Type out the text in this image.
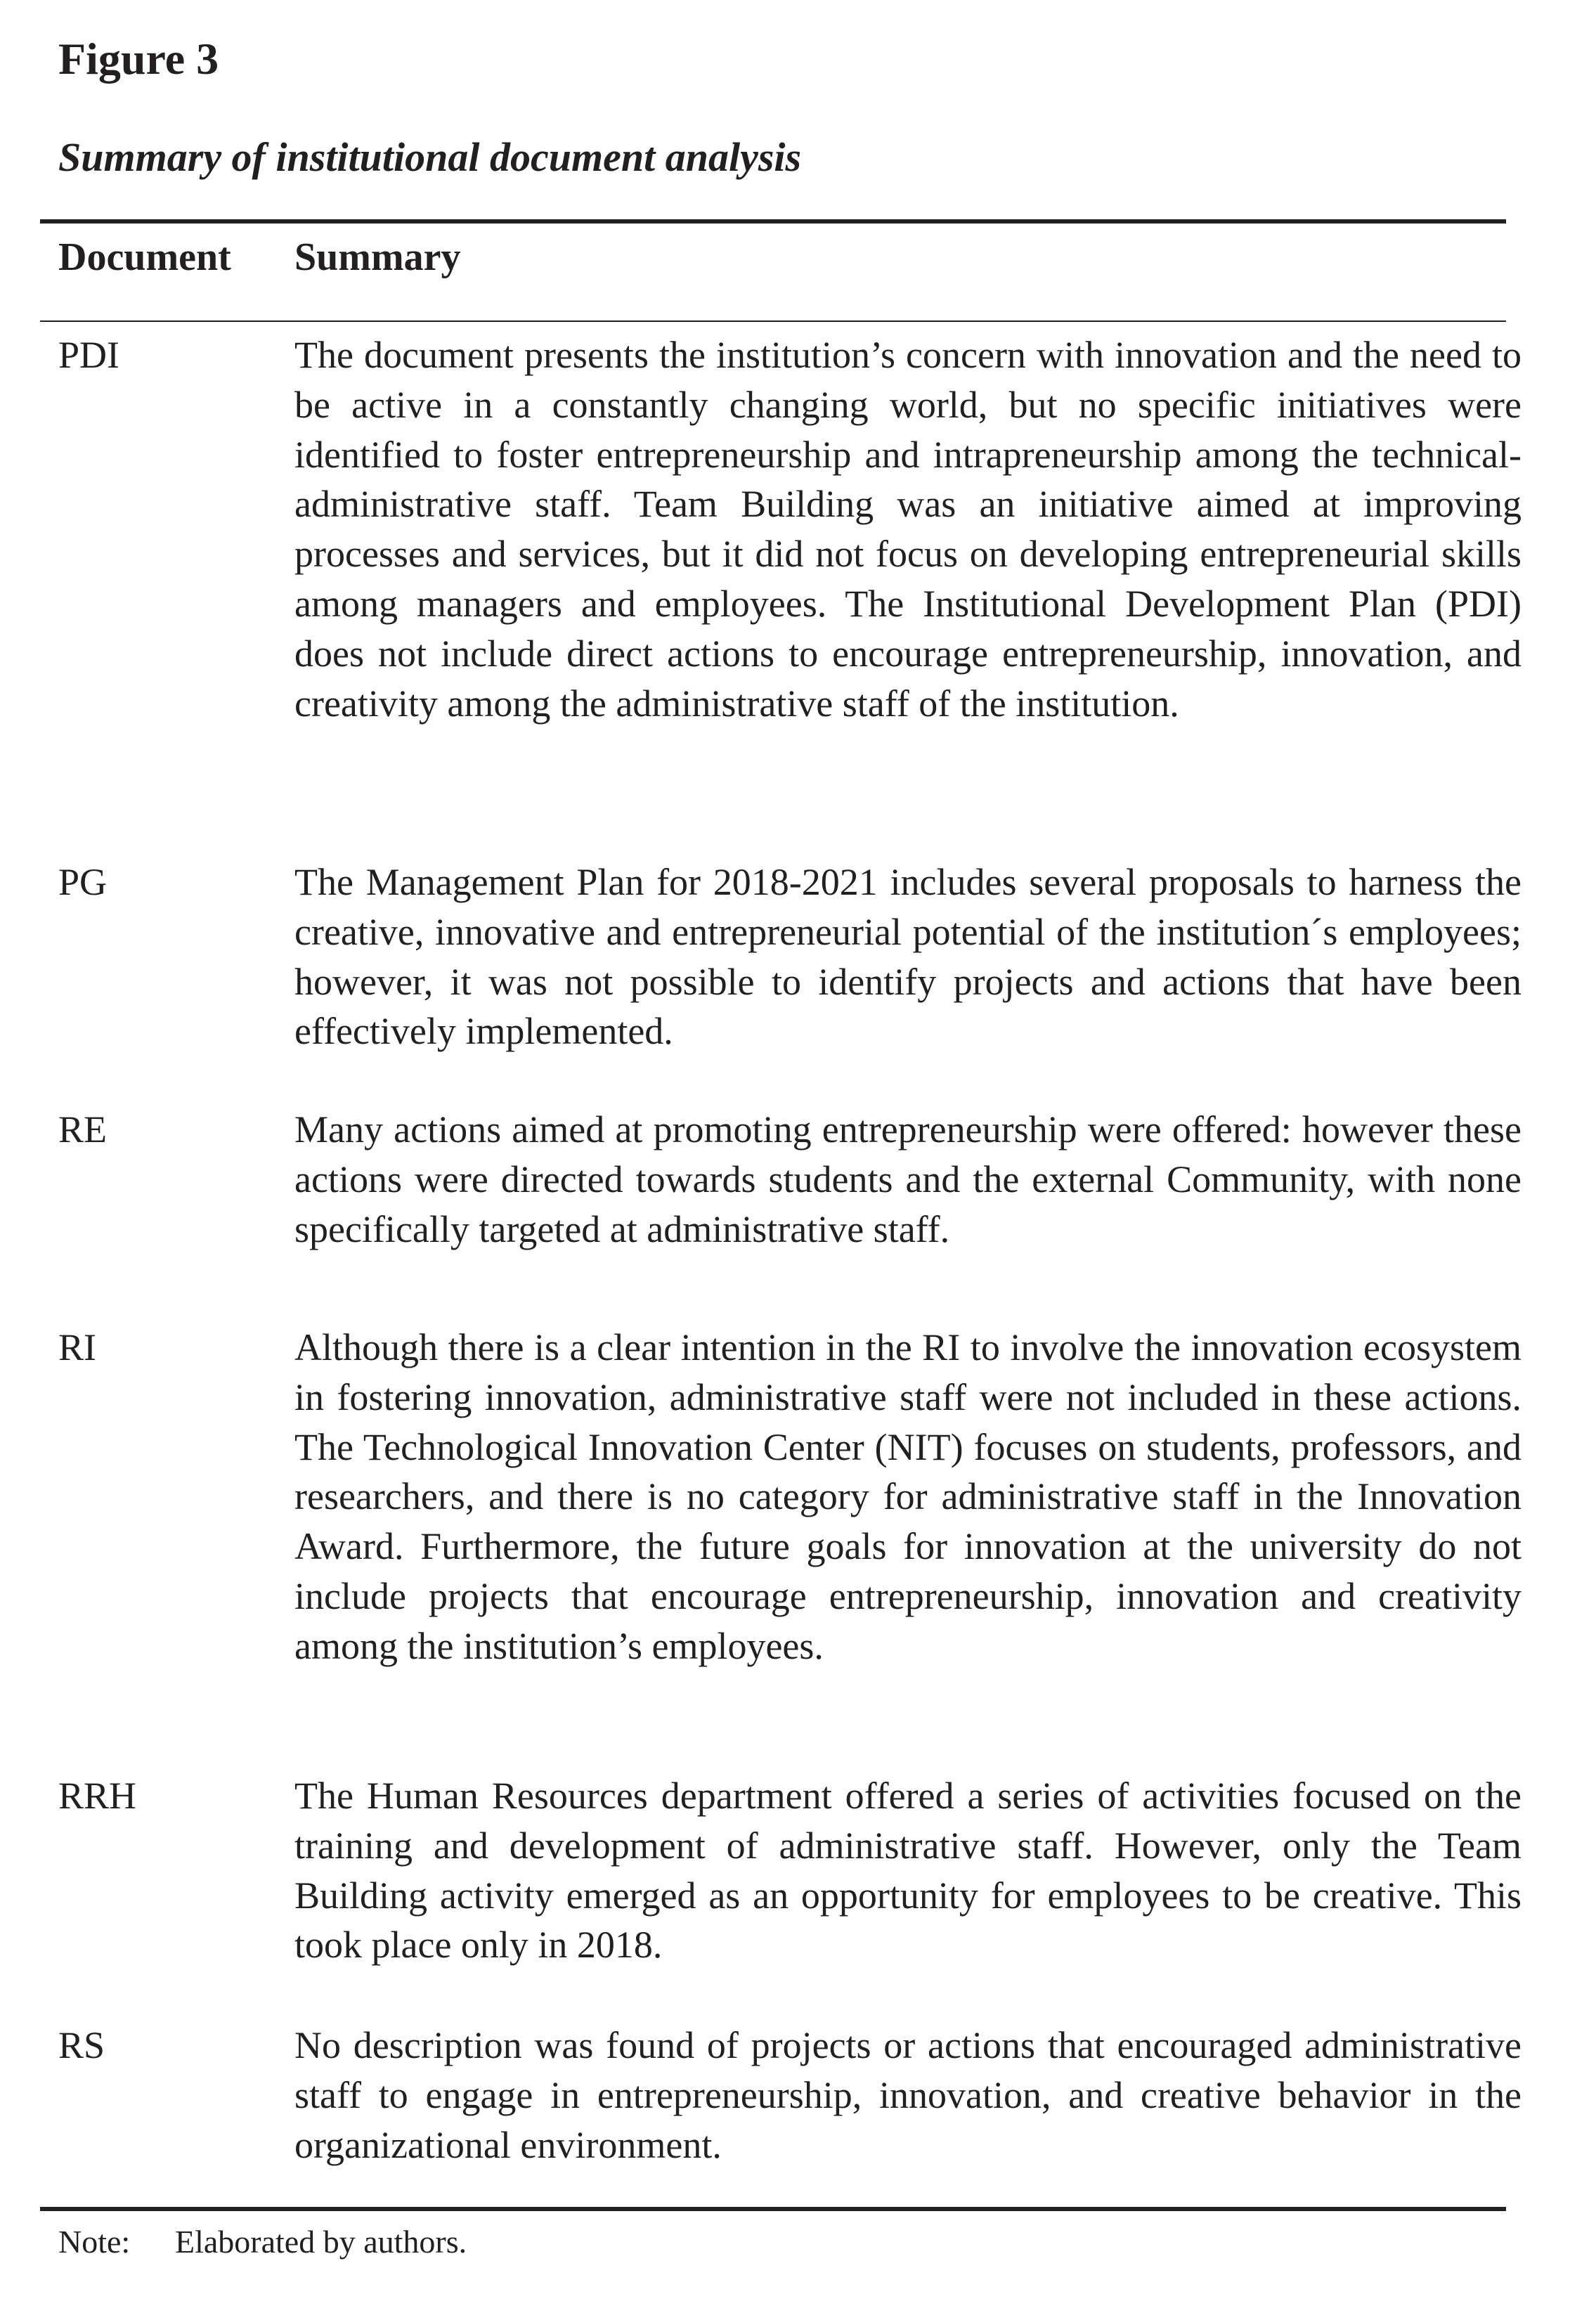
Figure 3
Summary of institutional document analysis
Document Summary
PDI	The document presents the institution’s concern with innovation and the need to be active in a constantly changing world, but no specific initiatives were identified to foster entrepreneurship and intrapreneurship among the technical-administrative staff. Team Building was an initiative aimed at improving processes and services, but it did not focus on developing entrepreneurial skills among managers and employees. The Institutional Development Plan (PDI) does not include direct actions to encourage entrepreneurship, innovation, and creativity among the administrative staff of the institution.

PG	The Management Plan for 2018-2021 includes several proposals to harness the creative, innovative and entrepreneurial potential of the institution´s employees; however, it was not possible to identify projects and actions that have been effectively implemented.

RE	Many actions aimed at promoting entrepreneurship were offered: however these actions were directed towards students and the external Community, with none specifically targeted at administrative staff.

RI	Although there is a clear intention in the RI to involve the innovation ecosystem in fostering innovation, administrative staff were not included in these actions. The Technological Innovation Center (NIT) focuses on students, professors, and researchers, and there is no category for administrative staff in the Innovation Award. Furthermore, the future goals for innovation at the university do not include projects that encourage entrepreneurship, innovation and creativity among the institution’s employees.

RRH	The Human Resources department offered a series of activities focused on the training and development of administrative staff. However, only the Team Building activity emerged as an opportunity for employees to be creative. This took place only in 2018.

RS	No description was found of projects or actions that encouraged administrative staff to engage in entrepreneurship, innovation, and creative behavior in the organizational environment.

Note: Elaborated by authors.
